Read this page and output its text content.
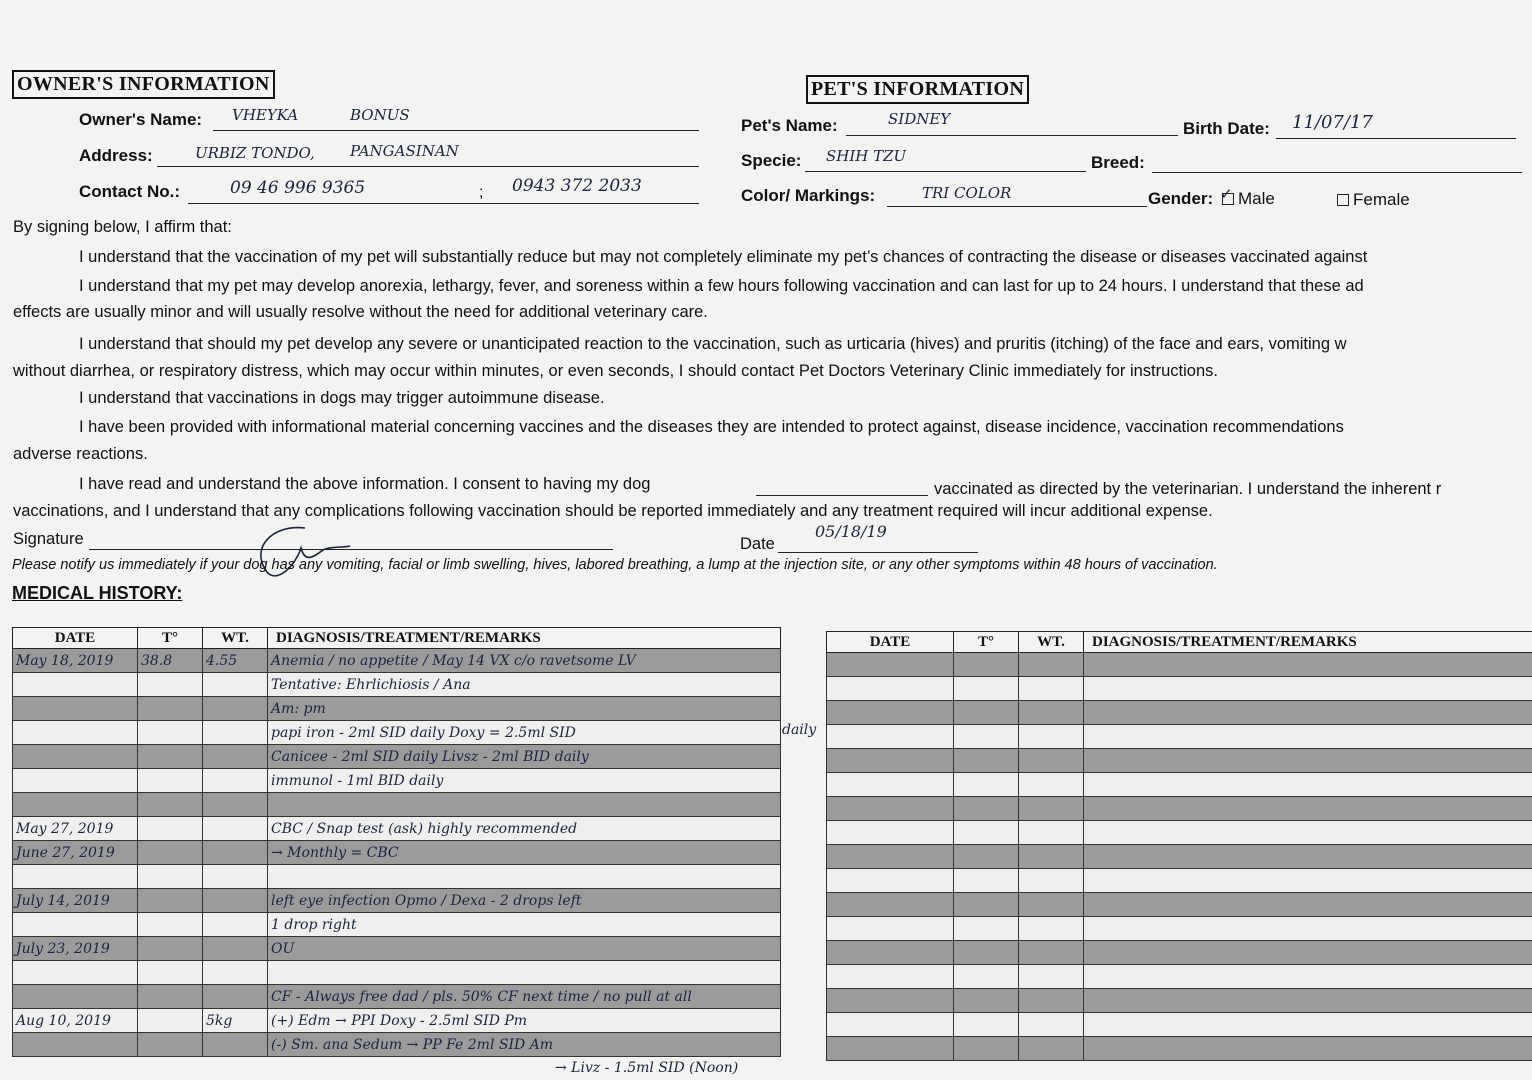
OWNER'S INFORMATION
Owner's Name: VHEYKA	BONUS
Address:	URBIZ TONDO, PANGASINAN
Contact No.:	09 46 996 9365	; 0943 372 2033
PET'S INFORMATION
Pet's Name:	SIDNEY	Birth Date: 11/07/17
Specie: SHIH TZU	Breed:
Color/ Markings:	TRI COLOR	Gender: ✓ Male	Female
By signing below, I affirm that:
I understand that the vaccination of my pet will substantially reduce but may not completely eliminate my pet’s chances of contracting the disease or diseases vaccinated against
I understand that my pet may develop anorexia, lethargy, fever, and soreness within a few hours following vaccination and can last for up to 24 hours. I understand that these ad
effects are usually minor and will usually resolve without the need for additional veterinary care.
I understand that should my pet develop any severe or unanticipated reaction to the vaccination, such as urticaria (hives) and pruritis (itching) of the face and ears, vomiting w
without diarrhea, or respiratory distress, which may occur within minutes, or even seconds, I should contact Pet Doctors Veterinary Clinic immediately for instructions.
I understand that vaccinations in dogs may trigger autoimmune disease.
I have been provided with informational material concerning vaccines and the diseases they are intended to protect against, disease incidence, vaccination recommendations
adverse reactions.
I have read and understand the above information. I consent to having my dog	vaccinated as directed by the veterinarian. I understand the inherent r
vaccinations, and I understand that any complications following vaccination should be reported immediately and any treatment required will incur additional expense.
Signature	Date
05/18/19
Please notify us immediately if your dog has any vomiting, facial or limb swelling, hives, labored breathing, a lump at the injection site, or any other symptoms within 48 hours of vaccination.
MEDICAL HISTORY:
DATE	T°	WT.	DIAGNOSIS/TREATMENT/REMARKS
May 18, 2019	38.8	4.55	Anemia / no appetite / May 14 VX c/o ravetsome LV
			Tentative: Ehrlichiosis / Ana
			Am: pm
			papi iron - 2ml SID daily Doxy = 2.5ml SID
			Canicee - 2ml SID daily Livsz - 2ml BID daily
			immunol - 1ml BID daily

May 27, 2019			CBC / Snap test (ask) highly recommended
June 27, 2019			→ Monthly = CBC

July 14, 2019			left eye infection Opmo / Dexa - 2 drops left
			1 drop right
July 23, 2019			OU

			CF - Always free dad / pls. 50% CF next time / no pull at all
Aug 10, 2019		5kg	(+) Edm → PPI Doxy - 2.5ml SID Pm
			(-) Sm. ana Sedum → PP Fe 2ml SID Am
→ Livz - 1.5ml SID (Noon)
daily
DATE	T°	WT.	DIAGNOSIS/TREATMENT/REMARKS
